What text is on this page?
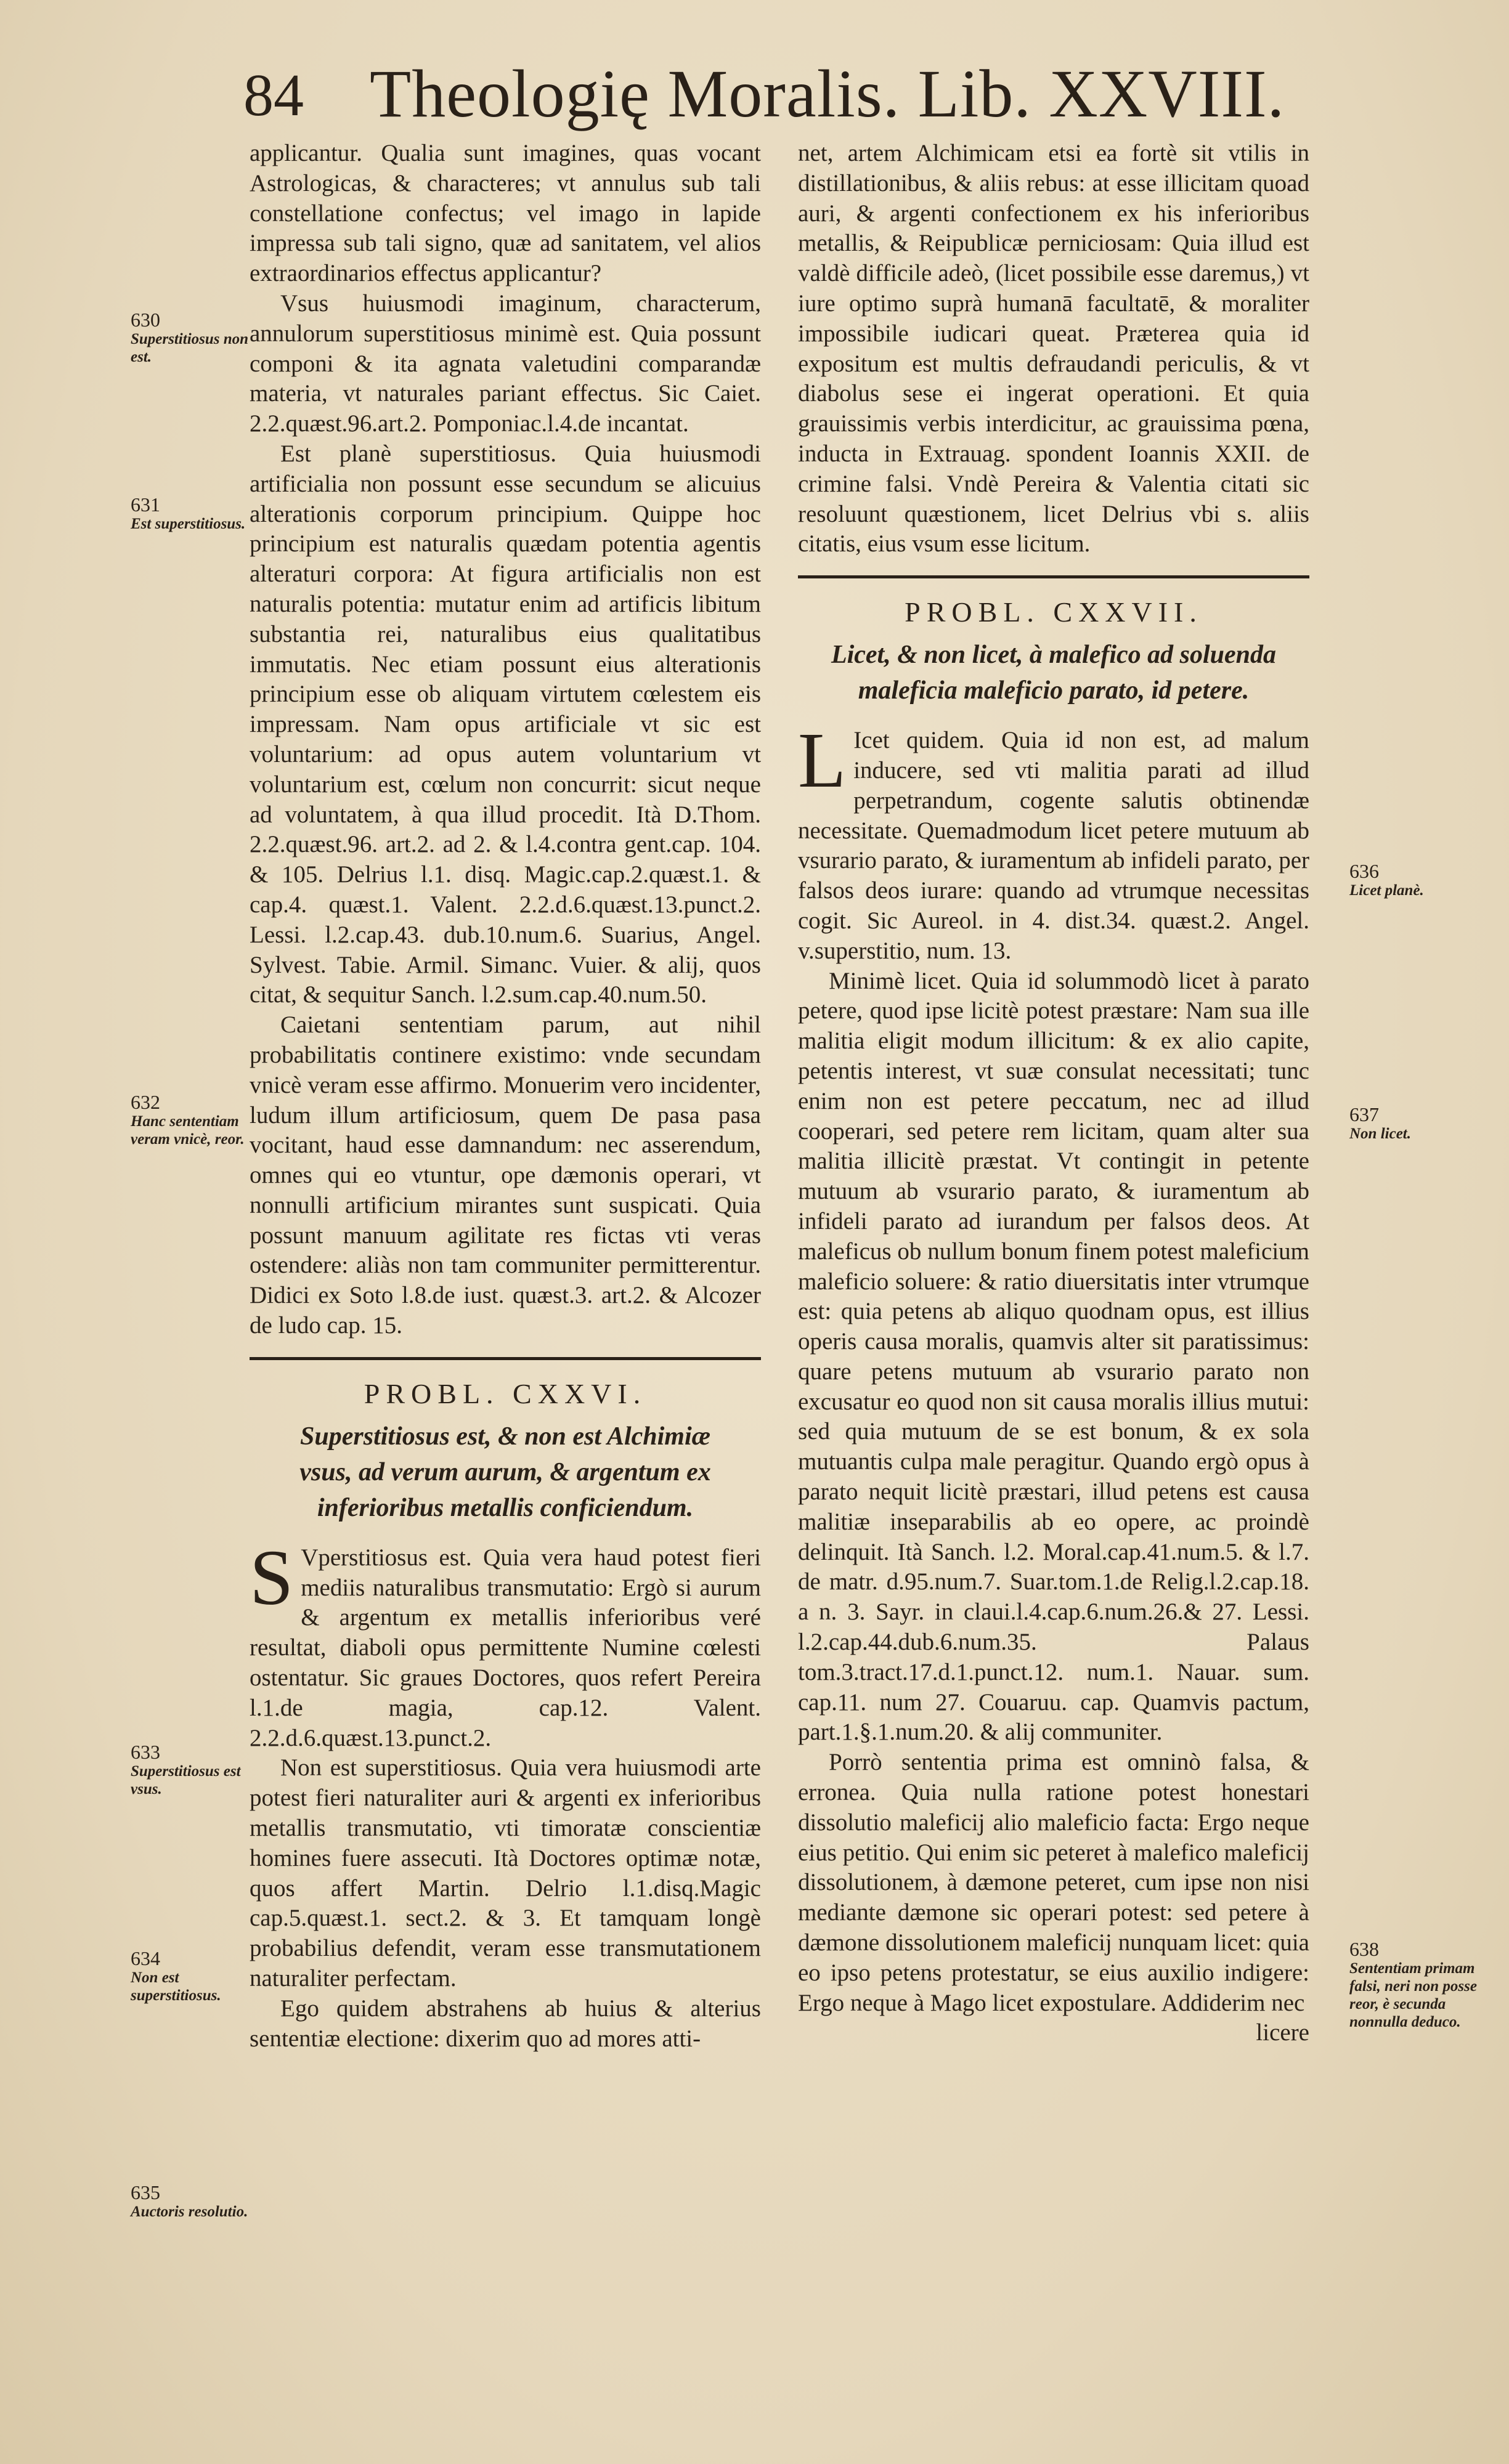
84 Theologię Moralis. Lib. XXVIII.

applicantur. Qualia sunt imagines, quas vocant Astrologicas, & characteres; vt annulus sub tali constellatione confectus; vel imago in lapide impressa sub tali signo, quæ ad sanitatem, vel alios extraordinarios effectus applicantur?

Vsus huiusmodi imaginum, characterum, annulorum superstitiosus minimè est. Quia possunt componi & ita agnata valetudini comparandæ materia, vt naturales pariant effectus. Sic Caiet. 2.2.quæst.96.art.2. Pomponiac.l.4.de incantat.

Est planè superstitiosus. Quia huiusmodi artificialia non possunt esse secundum se alicuius alterationis corporum principium. Quippe hoc principium est naturalis quædam potentia agentis alteraturi corpora: At figura artificialis non est naturalis potentia: mutatur enim ad artificis libitum substantia rei, naturalibus eius qualitatibus immutatis. Nec etiam possunt eius alterationis principium esse ob aliquam virtutem cœlestem eis impressam. Nam opus artificiale vt sic est voluntarium: ad opus autem voluntarium vt voluntarium est, cœlum non concurrit: sicut neque ad voluntatem, à qua illud procedit. Ità D.Thom. 2.2.quæst.96. art.2. ad 2. & l.4.contra gent.cap. 104. & 105. Delrius l.1. disq. Magic.cap.2.quæst.1. & cap.4. quæst.1. Valent. 2.2.d.6.quæst.13.punct.2. Lessi. l.2.cap.43. dub.10.num.6. Suarius, Angel. Sylvest. Tabie. Armil. Simanc. Vuier. & alij, quos citat, & sequitur Sanch. l.2.sum.cap.40.num.50.

Caietani sententiam parum, aut nihil probabilitatis continere existimo: vnde secundam vnicè veram esse affirmo. Monuerim vero incidenter, ludum illum artificiosum, quem De pasa pasa vocitant, haud esse damnandum: nec asserendum, omnes qui eo vtuntur, ope dæmonis operari, vt nonnulli artificium mirantes sunt suspicati. Quia possunt manuum agilitate res fictas vti veras ostendere: aliàs non tam communiter permitterentur. Didici ex Soto l.8.de iust. quæst.3. art.2. & Alcozer de ludo cap. 15.

PROBL. CXXVI.
Superstitiosus est, & non est Alchimiæ vsus, ad verum aurum, & argentum ex inferioribus metallis conficiendum.

S Vperstitiosus est. Quia vera haud potest fieri mediis naturalibus transmutatio: Ergò si aurum & argentum ex metallis inferioribus veré resultat, diaboli opus permittente Numine cœlesti ostentatur. Sic graues Doctores, quos refert Pereira l.1.de magia, cap.12. Valent. 2.2.d.6.quæst.13.punct.2.

Non est superstitiosus. Quia vera huiusmodi arte potest fieri naturaliter auri & argenti ex inferioribus metallis transmutatio, vti timoratæ conscientiæ homines fuere assecuti. Ità Doctores optimæ notæ, quos affert Martin. Delrio l.1.disq.Magic cap.5.quæst.1. sect.2. & 3. Et tamquam longè probabilius defendit, veram esse transmutationem naturaliter perfectam.

Ego quidem abstrahens ab huius & alterius sententiæ electione: dixerim quo ad mores atti-

net, artem Alchimicam etsi ea fortè sit vtilis in distillationibus, & aliis rebus: at esse illicitam quoad auri, & argenti confectionem ex his inferioribus metallis, & Reipublicæ perniciosam: Quia illud est valdè difficile adeò, (licet possibile esse daremus,) vt iure optimo suprà humanā facultatē, & moraliter impossibile iudicari queat. Præterea quia id expositum est multis defraudandi periculis, & vt diabolus sese ei ingerat operationi. Et quia grauissimis verbis interdicitur, ac grauissima pœna, inducta in Extrauag. spondent Ioannis XXII. de crimine falsi. Vndè Pereira & Valentia citati sic resoluunt quæstionem, licet Delrius vbi s. aliis citatis, eius vsum esse licitum.

PROBL. CXXVII.
Licet, & non licet, à malefico ad soluenda maleficia maleficio parato, id petere.

L Icet quidem. Quia id non est, ad malum inducere, sed vti malitia parati ad illud perpetrandum, cogente salutis obtinendæ necessitate. Quemadmodum licet petere mutuum ab vsurario parato, & iuramentum ab infideli parato, per falsos deos iurare: quando ad vtrumque necessitas cogit. Sic Aureol. in 4. dist.34. quæst.2. Angel. v.superstitio, num. 13.

Minimè licet. Quia id solummodò licet à parato petere, quod ipse licitè potest præstare: Nam sua ille malitia eligit modum illicitum: & ex alio capite, petentis interest, vt suæ consulat necessitati; tunc enim non est petere peccatum, nec ad illud cooperari, sed petere rem licitam, quam alter sua malitia illicitè præstat. Vt contingit in petente mutuum ab vsurario parato, & iuramentum ab infideli parato ad iurandum per falsos deos. At maleficus ob nullum bonum finem potest maleficium maleficio soluere: & ratio diuersitatis inter vtrumque est: quia petens ab aliquo quodnam opus, est illius operis causa moralis, quamvis alter sit paratissimus: quare petens mutuum ab vsurario parato non excusatur eo quod non sit causa moralis illius mutui: sed quia mutuum de se est bonum, & ex sola mutuantis culpa male peragitur. Quando ergò opus à parato nequit licitè præstari, illud petens est causa malitiæ inseparabilis ab eo opere, ac proindè delinquit. Ità Sanch. l.2. Moral.cap.41.num.5. & l.7. de matr. d.95.num.7. Suar.tom.1.de Relig.l.2.cap.18. a n. 3. Sayr. in claui.l.4.cap.6.num.26.& 27. Lessi. l.2.cap.44.dub.6.num.35. Palaus tom.3.tract.17.d.1.punct.12. num.1. Nauar. sum. cap.11. num 27. Couaruu. cap. Quamvis pactum, part.1.§.1.num.20. & alij communiter.

Porrò sententia prima est omninò falsa, & erronea. Quia nulla ratione potest honestari dissolutio maleficij alio maleficio facta: Ergo neque eius petitio. Qui enim sic peteret à malefico maleficij dissolutionem, à dæmone peteret, cum ipse non nisi mediante dæmone sic operari potest: sed petere à dæmone dissolutionem maleficij nunquam licet: quia eo ipso petens protestatur, se eius auxilio indigere: Ergo neque à Mago licet expostulare. Addiderim nec

licere

630
Superstitiosus non est.
631
Est superstitiosus.
632
Hanc sententiam veram vnicè, reor.
633
Superstitiosus est vsus.
634
Non est superstitiosus.
635
Auctoris resolutio.
636
Licet planè.
637
Non licet.
638
Sententiam primam falsi, neri non posse reor, è secunda nonnulla deduco.
